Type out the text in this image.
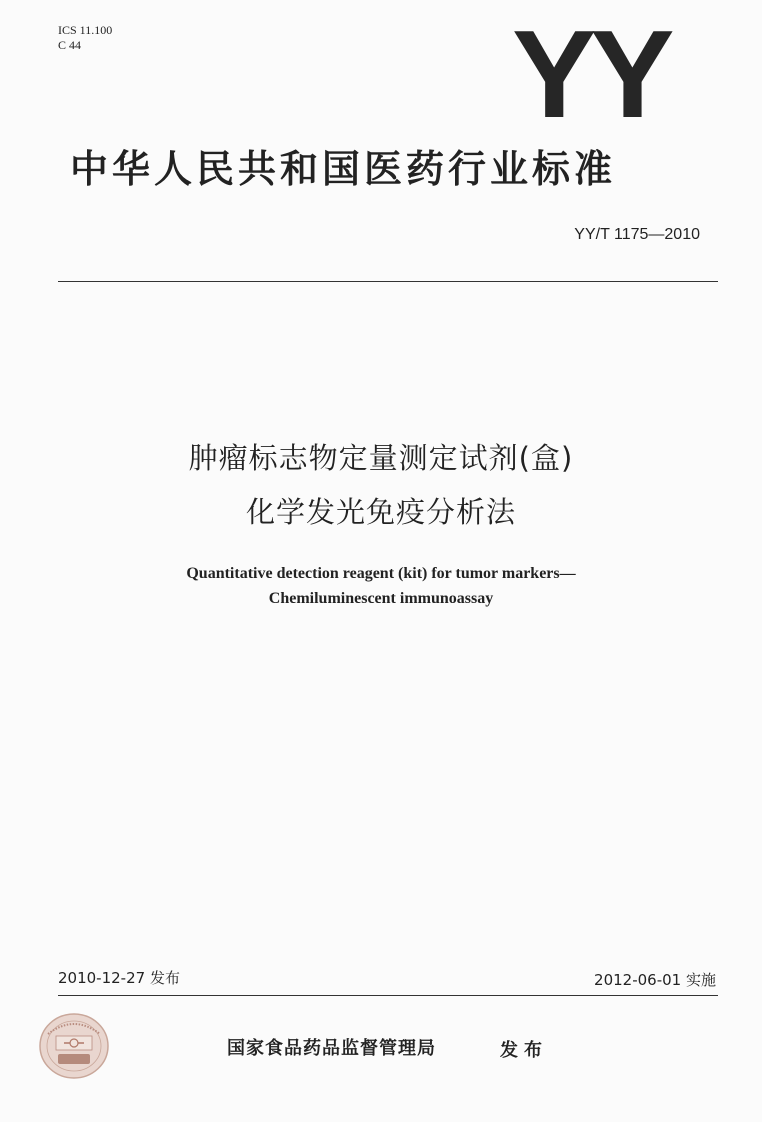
ICS 11.100
C 44	YY
中华人民共和国医药行业标准
YY/T 1175—2010
肿瘤标志物定量测定试剂(盒)
化学发光免疫分析法
Quantitative detection reagent (kit) for tumor markers—
Chemiluminescent immunoassay
2010-12-27 发布	2012-06-01 实施
国家食品药品监督管理局	发布
